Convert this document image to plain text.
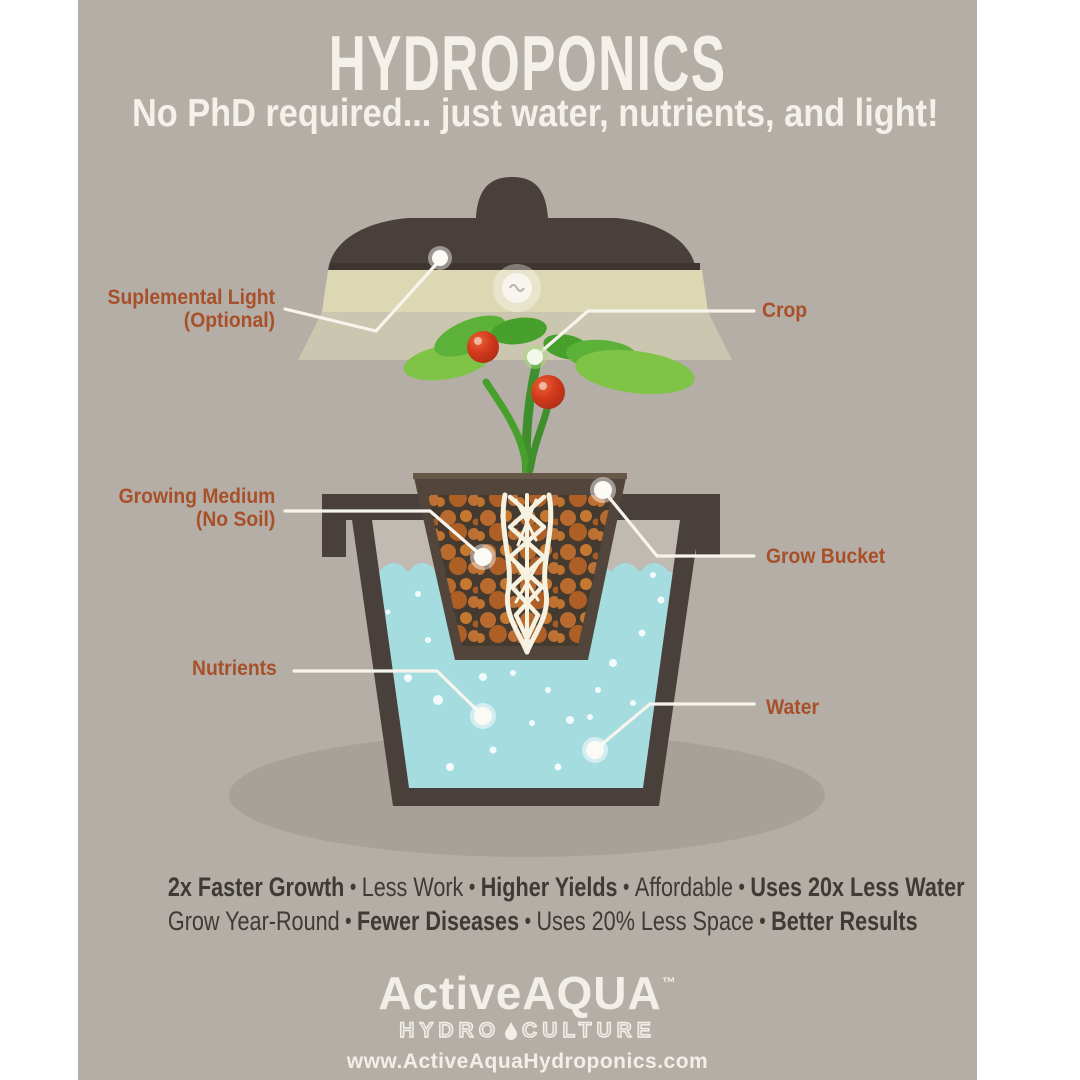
HYDROPONICS
No PhD required... just water, nutrients, and light!
Suplemental Light
(Optional)	Crop
Growing Medium
(No Soil)
Grow Bucket
Nutrients
Water
2x Faster Growth • Less Work • Higher Yields • Affordable • Uses 20x Less Water
Grow Year-Round • Fewer Diseases • Uses 20% Less Space • Better Results
ActiveAQUA™
HYDRO CULTURE
www.ActiveAquaHydroponics.com
